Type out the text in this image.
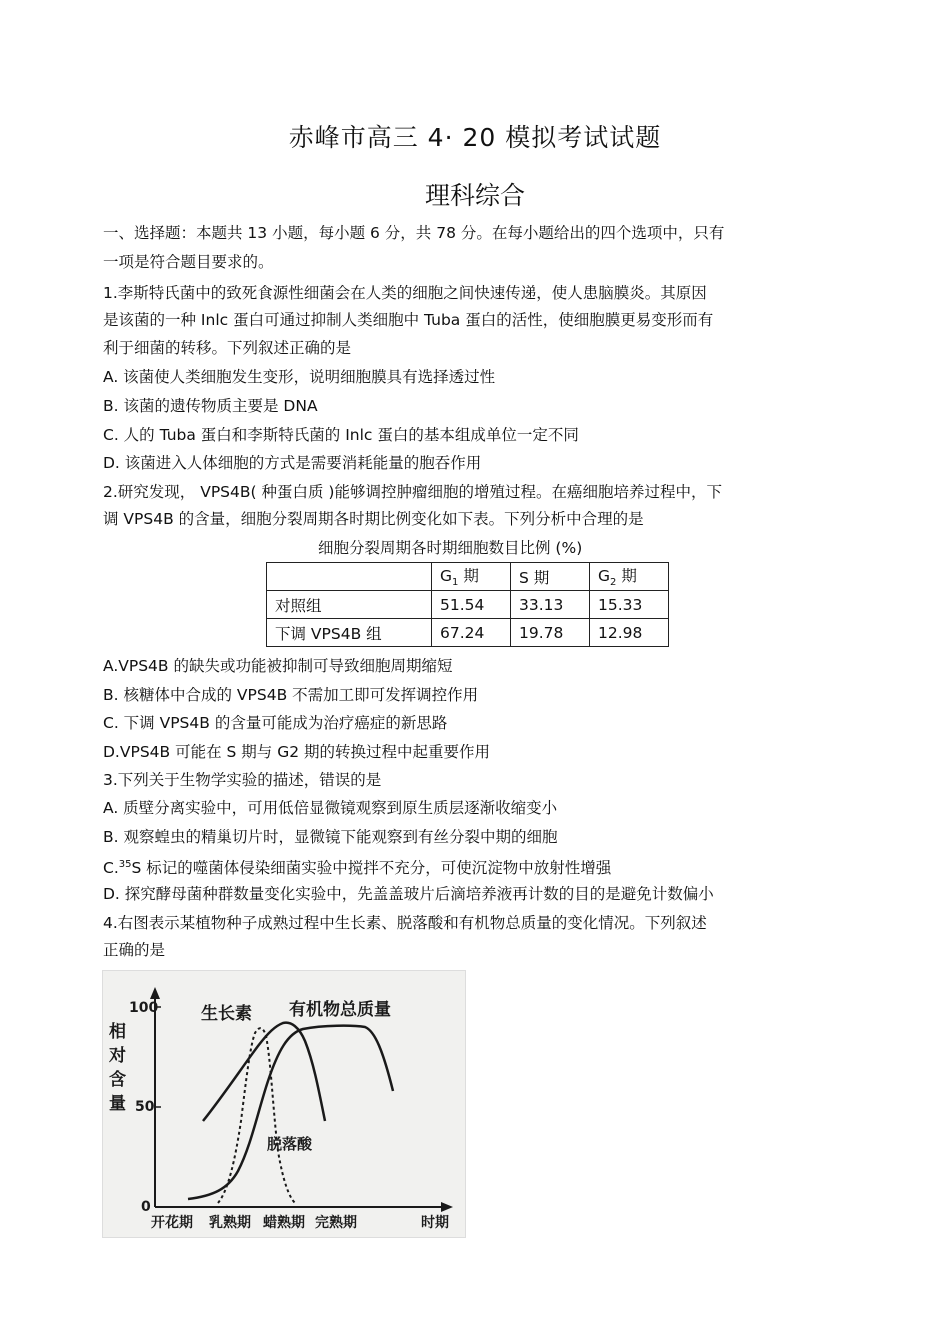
赤峰市高三 4· 20 模拟考试试题
理科综合
一、选择题：本题共 13 小题，每小题 6 分，共 78 分。在每小题给出的四个选项中，只有
一项是符合题目要求的。
1.李斯特氏菌中的致死食源性细菌会在人类的细胞之间快速传递，使人患脑膜炎。其原因
是该菌的一种 Inlc 蛋白可通过抑制人类细胞中 Tuba 蛋白的活性，使细胞膜更易变形而有
利于细菌的转移。下列叙述正确的是
A. 该菌使人类细胞发生变形，说明细胞膜具有选择透过性
B. 该菌的遗传物质主要是 DNA
C. 人的 Tuba 蛋白和李斯特氏菌的 Inlc 蛋白的基本组成单位一定不同
D. 该菌进入人体细胞的方式是需要消耗能量的胞吞作用
2.研究发现， VPS4B( 种蛋白质 )能够调控肿瘤细胞的增殖过程。在癌细胞培养过程中，下
调 VPS4B 的含量，细胞分裂周期各时期比例变化如下表。下列分析中合理的是
细胞分裂周期各时期细胞数目比例 (%)
	$G_1$ 期	S 期	$G_2$ 期
对照组	51.54	33.13	15.33
下调 VPS4B 组	67.24	19.78	12.98
A.VPS4B 的缺失或功能被抑制可导致细胞周期缩短
B. 核糖体中合成的 VPS4B 不需加工即可发挥调控作用
C. 下调 VPS4B 的含量可能成为治疗癌症的新思路
D.VPS4B 可能在 S 期与 G2 期的转换过程中起重要作用
3.下列关于生物学实验的描述，错误的是
A. 质壁分离实验中，可用低倍显微镜观察到原生质层逐渐收缩变小
B. 观察蝗虫的精巢切片时，显微镜下能观察到有丝分裂中期的细胞
C.$^{35}$S 标记的噬菌体侵染细菌实验中搅拌不充分，可使沉淀物中放射性增强
D. 探究酵母菌种群数量变化实验中，先盖盖玻片后滴培养液再计数的目的是避免计数偏小
4.右图表示某植物种子成熟过程中生长素、脱落酸和有机物总质量的变化情况。下列叙述
正确的是
100
50
0
相
对
含
量
开花期 乳熟期 蜡熟期 完熟期	时期
生长素 有机物总质量
脱落酸
